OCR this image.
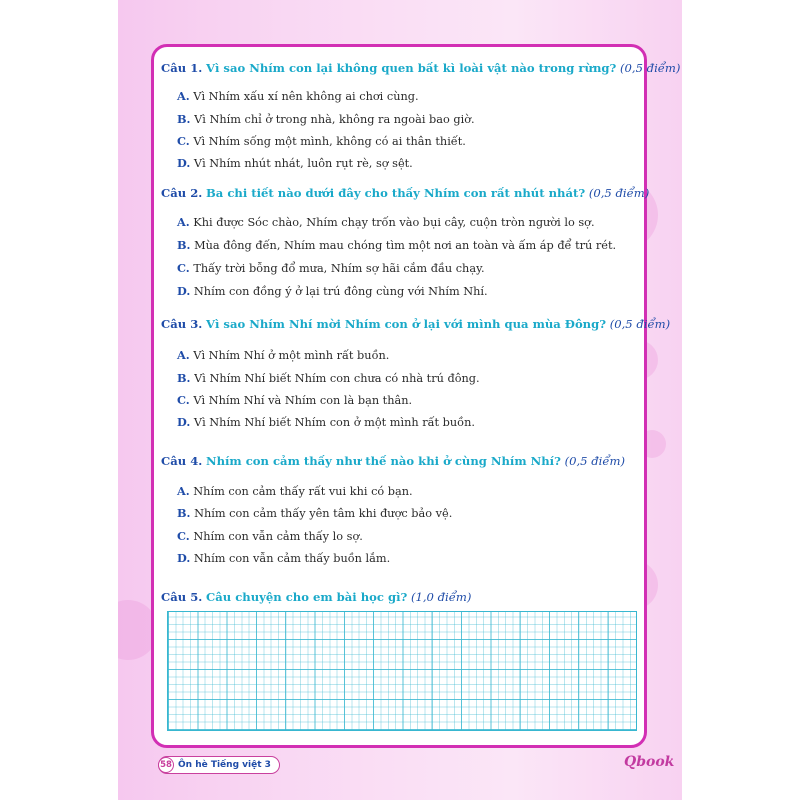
Câu 1. Vì sao Nhím con lại không quen bất kì loài vật nào trong rừng? (0,5 điểm)
A. Vì Nhím xấu xí nên không ai chơi cùng.
B. Vì Nhím chỉ ở trong nhà, không ra ngoài bao giờ.
C. Vì Nhím sống một mình, không có ai thân thiết.
D. Vì Nhím nhút nhát, luôn rụt rè, sợ sệt.
Câu 2. Ba chi tiết nào dưới đây cho thấy Nhím con rất nhút nhát? (0,5 điểm)
A. Khi được Sóc chào, Nhím chạy trốn vào bụi cây, cuộn tròn người lo sợ.
B. Mùa đông đến, Nhím mau chóng tìm một nơi an toàn và ấm áp để trú rét.
C. Thấy trời bỗng đổ mưa, Nhím sợ hãi cắm đầu chạy.
D. Nhím con đồng ý ở lại trú đông cùng với Nhím Nhí.
Câu 3. Vì sao Nhím Nhí mời Nhím con ở lại với mình qua mùa Đông? (0,5 điểm)
A. Vì Nhím Nhí ở một mình rất buồn.
B. Vì Nhím Nhí biết Nhím con chưa có nhà trú đông.
C. Vì Nhím Nhí và Nhím con là bạn thân.
D. Vì Nhím Nhí biết Nhím con ở một mình rất buồn.
Câu 4. Nhím con cảm thấy như thế nào khi ở cùng Nhím Nhí? (0,5 điểm)
A. Nhím con cảm thấy rất vui khi có bạn.
B. Nhím con cảm thấy yên tâm khi được bảo vệ.
C. Nhím con vẫn cảm thấy lo sợ.
D. Nhím con vẫn cảm thấy buồn lắm.
Câu 5. Câu chuyện cho em bài học gì? (1,0 điểm)
58 Ôn hè Tiếng việt 3	Qbook
